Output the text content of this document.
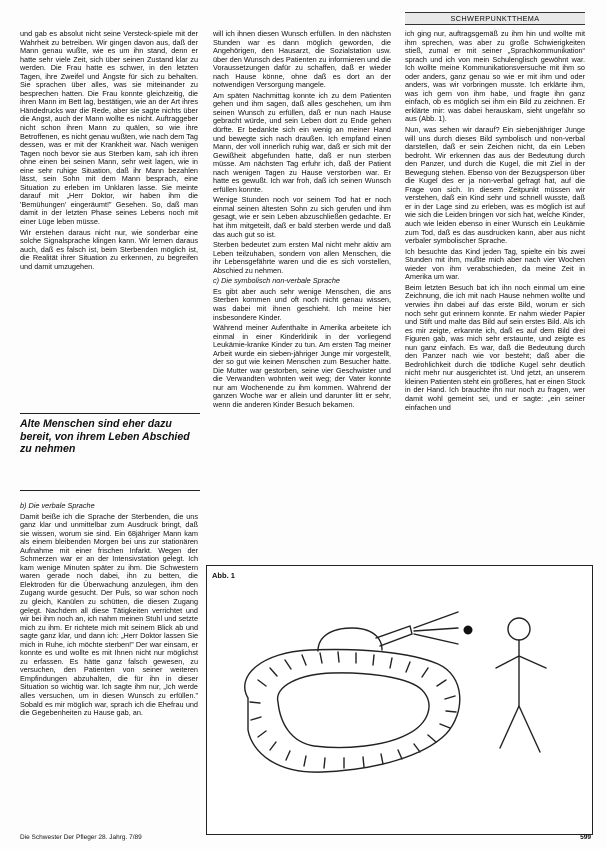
SCHWERPUNKTTHEMA

und gab es absolut nicht seine Versteck-spiele mit der Wahrheit zu betreiben. Wir gingen davon aus, daß der Mann genau wußte, wie es um ihn stand, denn er hatte sehr viele Zeit, sich über seinen Zustand klar zu werden. Die Frau hatte es schwer, in den letzten Tagen, ihre Zweifel und Ängste für sich zu behalten. Sie sprachen über alles, was sie miteinander zu besprechen hatten. Die Frau konnte gleichzeitig, die ihren Mann im Bett lag, bestätigen, wie an der Art ihres Händedrucks war die Rede, aber sie sagte nichts über die Angst, auch der Mann wollte es nicht. Auftraggeber nicht schon ihren Mann zu quälen, so wie ihre Betroffenen, es nicht genau wußten, wie nach dem Tag dessen, was er mit der Krankheit war. Nach wenigen Tagen noch bevor sie aus Sterben kam, sah ich ihren ohne einen bei seinen Mann, sehr weit lagen, wie in eine sehr ruhige Situation, daß ihr Mann bezahlen lässt, sein Sohn mit dem Mann besprach, eine Situation zu erleben im Unklaren lasse. Sie meinte darauf mit „Herr Doktor, wir haben ihm die 'Bemühungen' eingeräumt!” Gesehen. So, daß man damit in der letzten Phase seines Lebens noch mit einer Lüge leben müsse.

Wir erstehen daraus nicht nur, wie sonderbar eine solche Signalsprache klingen kann. Wir lernen daraus auch, daß es falsch ist, beim Sterbenden möglich ist, die Realität ihrer Situation zu erkennen, zu begreifen und damit umzugehen.

Alte Menschen sind eher dazu bereit, von ihrem Leben Abschied zu nehmen

b) Die verbale Sprache

Damit beiße ich die Sprache der Sterbenden, die uns ganz klar und unmittelbar zum Ausdruck bringt, daß sie wissen, worum sie sind. Ein 68jähriger Mann kam als einem bleibenden Morgen bei uns zur stationären Aufnahme mit einer frischen Infarkt. Wegen der Schmerzen war er an der Intensivstation gelegt. Ich kam wenige Minuten später zu ihm. Die Schwestern waren gerade noch dabei, ihn zu betten, die Elektroden für die Überwachung anzulegen, ihm den Zugang wurde gesucht. Der Puls, so war schon noch zu gleich, Kanülen zu schütten, die diesen Zugang gelegt. Nachdem all diese Tätigkeiten verrichtet und wir bei ihm noch an, ich nahm meinen Stuhl und setzte mich zu ihm. Er richtete mich mit seinem Blick ab und sagte ganz klar, und dann ich: „Herr Doktor lassen Sie mich in Ruhe, ich möchte sterben!” Der war einsam, er konnte es und wollte es mit Ihnen nicht nur möglichst zu erfassen. Es hätte ganz falsch gewesen, zu versuchen, den Patienten von seiner weiteren Empfindungen abzuhalten, die für ihn in dieser Situation so wichtig war. Ich sagte ihm nur, „Ich werde alles versuchen, um in diesen Wunsch zu erfüllen.” Sobald es mir möglich war, sprach ich die Ehefrau und die Gegebenheiten zu Hause gab, an.

will ich ihnen diesen Wunsch erfüllen. In den nächsten Stunden war es dann möglich geworden, die Angehörigen, den Hausarzt, die Sozialstation usw. über den Wunsch des Patienten zu informieren und die Voraussetzungen dafür zu schaffen, daß er wieder nach Hause könne, ohne daß es dort an der notwendigen Versorgung mangele.

Am späten Nachmittag konnte ich zu dem Patienten gehen und ihm sagen, daß alles geschehen, um ihm seinen Wunsch zu erfüllen, daß er nun nach Hause gebracht würde, und sein Leben dort zu Ende gehen dürfte. Er bedankte sich ein wenig an meiner Hand und bewegte sich nach draußen. Ich empfand einen Mann, der voll innerlich ruhig war, daß er sich mit der Gewißheit abgefunden hatte, daß er nun sterben müsse. Am nächsten Tag erfuhr ich, daß der Patient nach wenigen Tagen zu Hause verstorben war. Er hatte es gewußt. Ich war froh, daß ich seinen Wunsch erfüllen konnte.

Wenige Stunden noch vor seinem Tod hat er noch einmal seinen ältesten Sohn zu sich gerufen und ihm gesagt, wie er sein Leben abzuschließen gedachte. Er hat ihm mitgeteilt, daß er bald sterben werde und daß das auch gut so ist.

Sterben bedeutet zum ersten Mal nicht mehr aktiv am Leben teilzuhaben, sondern von allen Menschen, die ihr Lebensgefährte waren und die es sich vorstellen, Abschied zu nehmen.

c) Die symbolisch non-verbale Sprache

Es gibt aber auch sehr wenige Menschen, die ans Sterben kommen und oft noch nicht genau wissen, was dabei mit ihnen geschieht. Ich meine hier insbesondere Kinder.

Während meiner Aufenthalte in Amerika arbeitete ich einmal in einer Kinderklinik in der vorliegend Leukämie-kranke Kinder zu tun. Am ersten Tag meiner Arbeit wurde ein sieben-jähriger Junge mir vorgestellt, der so gut wie keinen Menschen zum Besucher hatte. Die Mutter war gestorben, seine vier Geschwister und die Verwandten wohnten weit weg; der Vater konnte nur am Wochenende zu ihm kommen. Während der ganzen Woche war er allein und darunter litt er sehr, wenn die anderen Kinder Besuch bekamen.

ich ging nur, auftragsgemäß zu ihm hin und wollte mit ihm sprechen, was aber zu große Schwierigkeiten stieß, zumal er mit seiner „Sprachkommunikation“ sprach und ich von mein Schulenglisch gewöhnt war. Ich wollte meine Kommunikationsversuche mit ihm so oder anders, ganz genau so wie er mit ihm und oder anders, was wir vorbringen musste. Ich erklärte ihm, was ich gern von ihm habe, und fragte ihn ganz einfach, ob es möglich sei ihm ein Bild zu zeichnen. Er erklärte mir: was dabei herauskam, sieht ungefähr so aus (Abb. 1).

Nun, was sehen wir darauf? Ein siebenjähriger Junge will uns durch dieses Bild symbolisch und non-verbal darstellen, daß er sein Zeichen nicht, da ein Leben bedroht. Wir erkennen das aus der Bedeutung durch den Panzer, und durch die Kugel, die mit Ziel in der Bewegung stehen. Ebenso von der Bezugsperson über die Kugel des er ja non-verbal gefragt hat, auf die Frage von sich. In diesem Zeitpunkt müssen wir verstehen, daß ein Kind sehr und schnell wusste, daß er in der Lage sind zu erleben, was es möglich ist auf wie sich die Leiden bringen vor sich hat, welche Kinder, auch wie leiden ebenso in einer Wunsch ein Leukämie zum Tod, daß es das ausdrucken kann, aber aus nicht verbaler symbolischer Sprache.

Ich besuchte das Kind jeden Tag, spielte ein bis zwei Stunden mit ihm, mußte mich aber nach vier Wochen wieder von ihm verabschieden, da meine Zeit in Amerika um war.

Beim letzten Besuch bat ich ihn noch einmal um eine Zeichnung, die ich mit nach Hause nehmen wollte und verwies ihn dabei auf das erste Bild, worum er sich noch sehr gut erinnern konnte. Er nahm wieder Papier und Stift und malte das Bild auf sein erstes Bild. Als ich es mir zeigte, erkannte ich, daß es auf dem Bild drei Figuren gab, was mich sehr erstaunte, und zeigte es nun ganz einfach. Es war, daß die Bedeutung durch den Panzer nach wie vor besteht; daß aber die Bedrohlichkeit durch die tödliche Kugel sehr deutlich nicht mehr nur ausgerichtet ist. Und jetzt, an unserem kleinen Patienten steht ein größeres, hat er einen Stock in der Hand. Ich brauchte ihn nur noch zu fragen, wer damit wohl gemeint sei, und er sagte: „ein seiner einfachen und

Abb. 1
Die Schwester Der Pfleger 28. Jahrg. 7/89	599
